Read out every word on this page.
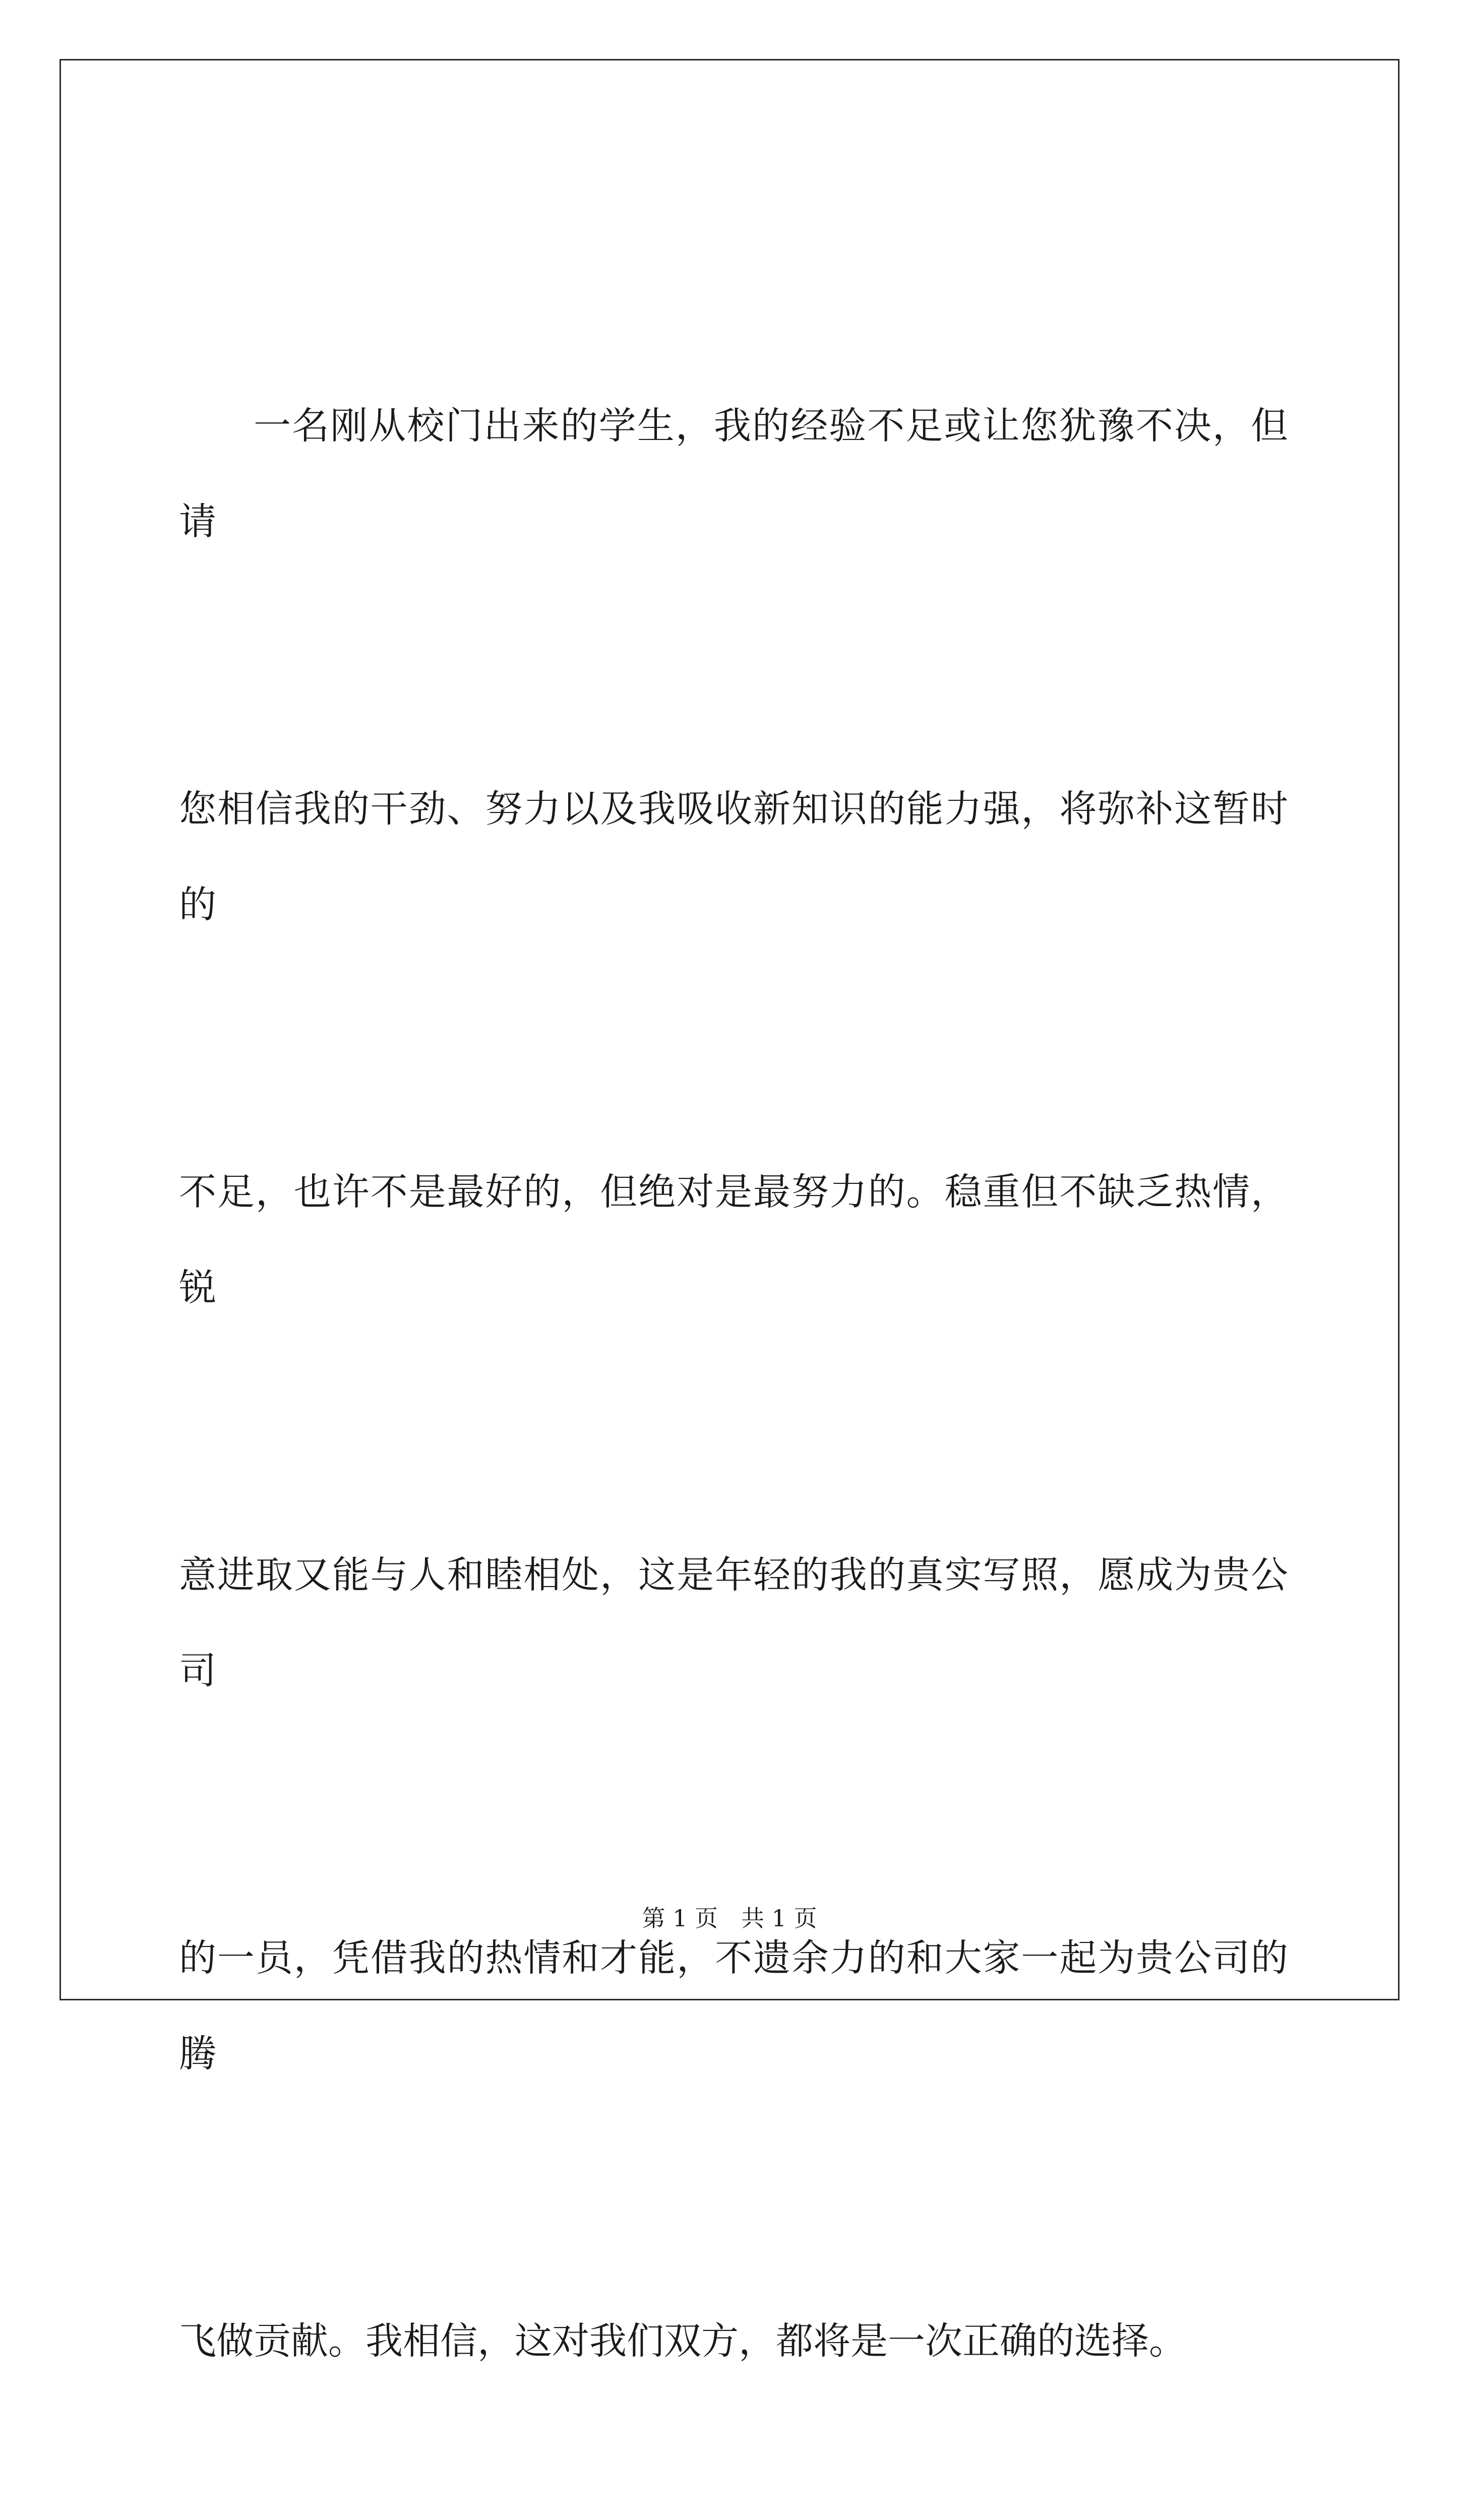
一名刚从校门出来的学生，我的经验不足或让您犹豫不决，但请

您相信我的干劲、努力以及我吸收新知识的能力强，将弥补这暂时的

不足，也许不是最好的，但绝对是最努力的。稳重但不缺乏热情，锐

意进取又能与人和睦相处，这是年轻的我的真实写照，愿成为贵公司

的一员，凭借我的热情和才能，不遗余力的和大家一起为贵公司的腾

飞做贡献。我相信，这对我们双方，都将是一次正确的选择。

第 1 页　共 1 页
